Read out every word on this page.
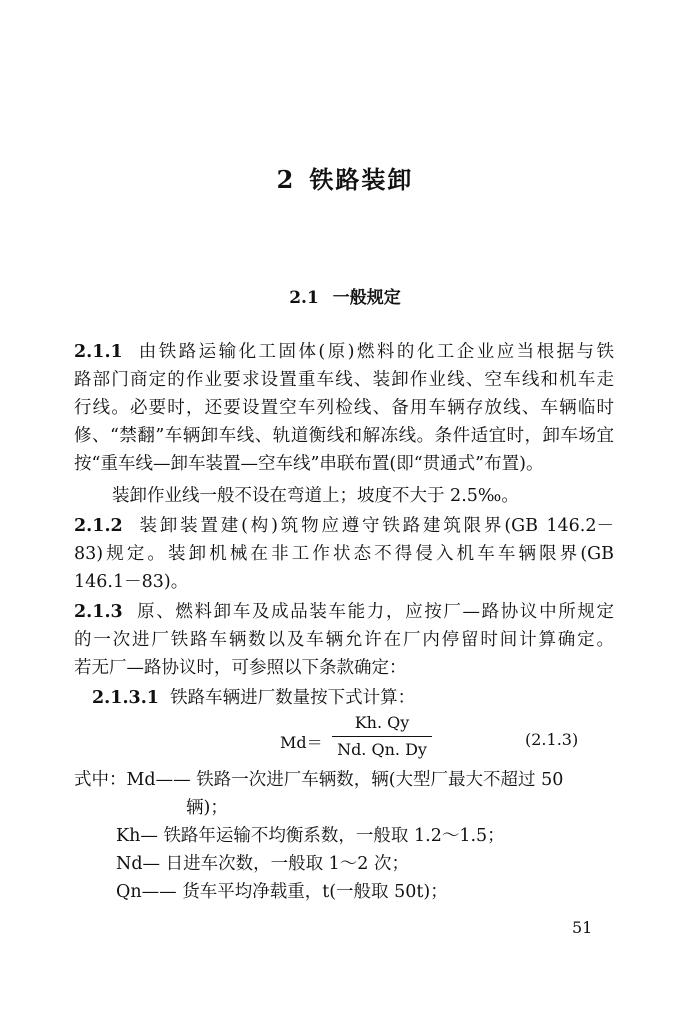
2 铁路装卸
2.1 一般规定
2.1.1 由铁路运输化工固体(原)燃料的化工企业应当根据与铁
路部门商定的作业要求设置重车线、装卸作业线、空车线和机车走
行线。必要时，还要设置空车列检线、备用车辆存放线、车辆临时
修、“禁翻”车辆卸车线、轨道衡线和解冻线。条件适宜时，卸车场宜
按“重车线—卸车装置—空车线”串联布置(即“贯通式”布置)。
装卸作业线一般不设在弯道上；坡度不大于 2.5‰。
2.1.2 装卸装置建(构)筑物应遵守铁路建筑限界(GB 146.2－
83)规定。装卸机械在非工作状态不得侵入机车车辆限界(GB
146.1－83)。
2.1.3 原、燃料卸车及成品装车能力，应按厂—路协议中所规定
的一次进厂铁路车辆数以及车辆允许在厂内停留时间计算确定。
若无厂—路协议时，可参照以下条款确定：
2.1.3.1 铁路车辆进厂数量按下式计算：
Md＝
Kh. Qy
Nd. Qn. Dy
(2.1.3)
式中：Md—— 铁路一次进厂车辆数，辆(大型厂最大不超过 50
辆)；
Kh— 铁路年运输不均衡系数，一般取 1.2～1.5；
Nd— 日进车次数，一般取 1～2 次；
Qn—— 货车平均净载重，t(一般取 50t)；
51
